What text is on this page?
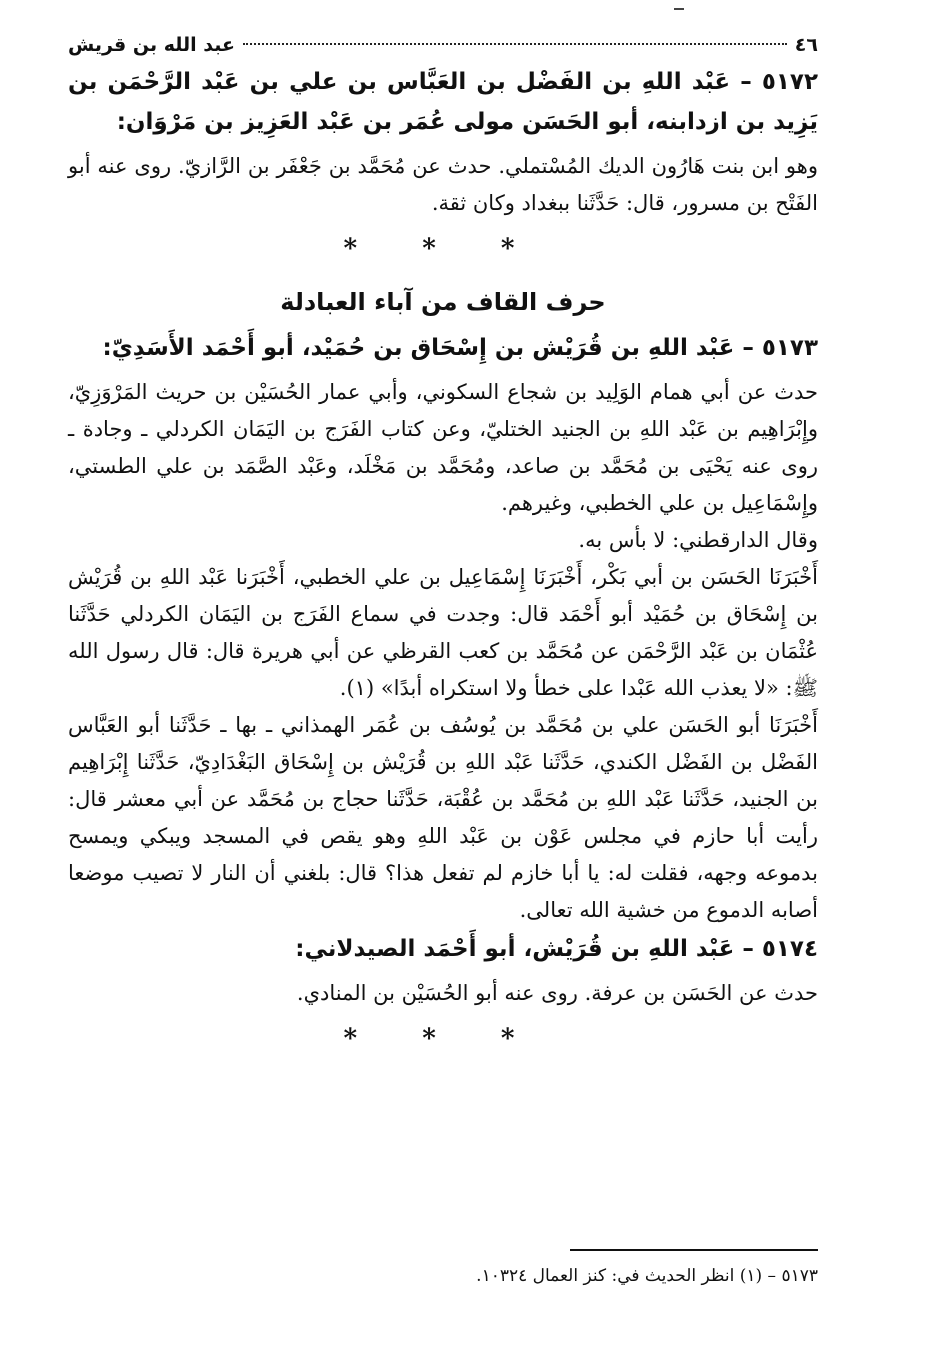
٤٦
عبد الله بن قريش

٥١٧٢ – عَبْد اللهِ بن الفَضْل بن العَبَّاس بن علي بن عَبْد الرَّحْمَن بن يَزِيد بن ازدابنه، أبو الحَسَن مولى عُمَر بن عَبْد العَزِيز بن مَرْوَان:

وهو ابن بنت هَارُون الديك المُسْتملي. حدث عن مُحَمَّد بن جَعْفَر بن الرَّازيّ. روى عنه أبو الفَتْح بن مسرور، قال: حَدَّثَنا ببغداد وكان ثقة.

* * *
حرف القاف من آباء العبادلة

٥١٧٣ – عَبْد اللهِ بن قُرَيْش بن إِسْحَاق بن حُمَيْد، أبو أَحْمَد الأَسَدِيّ:

حدث عن أبي همام الوَلِيد بن شجاع السكوني، وأبي عمار الحُسَيْن بن حريث المَرْوَزِيّ، وإِبْرَاهِيم بن عَبْد اللهِ بن الجنيد الختليّ، وعن كتاب الفَرَج بن اليَمَان الكردلي ـ وجادة ـ روى عنه يَحْيَى بن مُحَمَّد بن صاعد، ومُحَمَّد بن مَخْلَد، وعَبْد الصَّمَد بن علي الطستي، وإِسْمَاعِيل بن علي الخطبي، وغيرهم.

وقال الدارقطني: لا بأس به.

أَخْبَرَنَا الحَسَن بن أبي بَكْر، أَخْبَرَنَا إِسْمَاعِيل بن علي الخطبي، أَخْبَرَنا عَبْد اللهِ بن قُرَيْش بن إِسْحَاق بن حُمَيْد أبو أَحْمَد قال: وجدت في سماع الفَرَج بن اليَمَان الكردلي حَدَّثَنا عُثْمَان بن عَبْد الرَّحْمَن عن مُحَمَّد بن كعب القرظي عن أبي هريرة قال: قال رسول الله ﷺ: «لا يعذب الله عَبْدا على خطأ ولا استكراه أبدًا» (١).

أَخْبَرَنَا أبو الحَسَن علي بن مُحَمَّد بن يُوسُف بن عُمَر الهمذاني ـ بها ـ حَدَّثَنا أبو العَبَّاس الفَضْل بن الفَضْل الكندي، حَدَّثَنا عَبْد اللهِ بن قُرَيْش بن إِسْحَاق البَغْدَادِيّ، حَدَّثَنا إِبْرَاهِيم بن الجنيد، حَدَّثَنا عَبْد اللهِ بن مُحَمَّد بن عُقْبَة، حَدَّثَنا حجاج بن مُحَمَّد عن أبي معشر قال: رأيت أبا حازم في مجلس عَوْن بن عَبْد اللهِ وهو يقص في المسجد ويبكي ويمسح بدموعه وجهه، فقلت له: يا أبا خازم لم تفعل هذا؟ قال: بلغني أن النار لا تصيب موضعا أصابه الدموع من خشية الله تعالى.

٥١٧٤ – عَبْد اللهِ بن قُرَيْش، أبو أَحْمَد الصيدلاني:

حدث عن الحَسَن بن عرفة. روى عنه أبو الحُسَيْن بن المنادي.

* * *
٥١٧٣ – (١) انظر الحديث في: كنز العمال ١٠٣٢٤.
